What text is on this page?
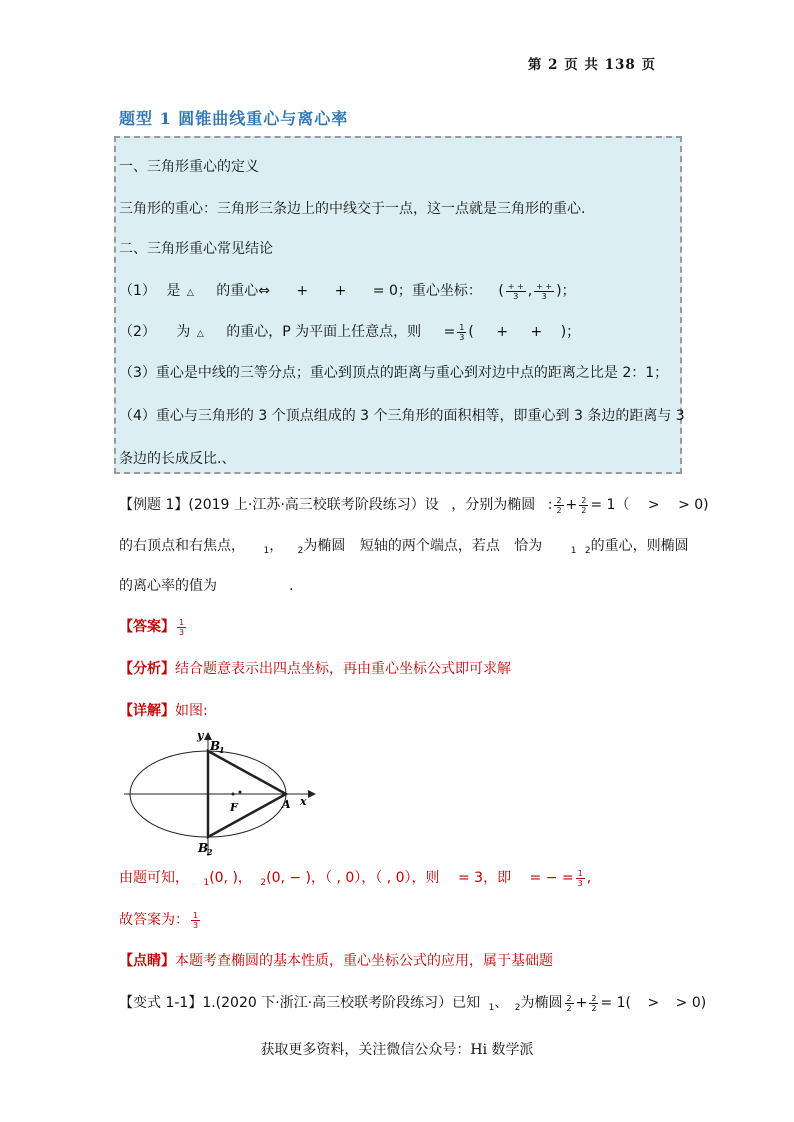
第 2 页 共 138 页
题型 1 圆锥曲线重心与离心率
一、三角形重心的定义
三角形的重心：三角形三条边上的中线交于一点，这一点就是三角形的重心.
二、三角形重心常见结论
（1） 是 △ 的重心⇔ + + = 0；重心坐标： ( $\frac{+ +}{3}$ , $\frac{+ +}{3}$ )；
（2） 为 △ 的重心，P 为平面上任意点，则 = $\frac{1}{3}$ ( + + )；
（3）重心是中线的三等分点；重心到顶点的距离与重心到对边中点的距离之比是 2：1；
（4）重心与三角形的 3 个顶点组成的 3 个三角形的面积相等，即重心到 3 条边的距离与 3
条边的长成反比.、
【例题 1】(2019 上·江苏·高三校联考阶段练习）设 ，分别为椭圆 : $\frac{2}{2} + \frac{2}{2} = 1$（ > > 0)
的右顶点和右焦点， $_1$， $_2$为椭圆 短轴的两个端点，若点 恰为	$_1$ $_2$的重心，则椭圆
的离心率的值为	.
【答案】 $\frac{1}{3}$
【分析】结合题意表示出四点坐标，再由重心坐标公式即可求解
【详解】如图:
y
x
B
1
B
2
F	A
由题可知， $_1$(0, )， $_2$(0, − )，（ , 0），（ , 0），则 = 3，即 = − = $\frac{1}{3}$ ,
故答案为： $\frac{1}{3}$
【点睛】本题考查椭圆的基本性质，重心坐标公式的应用，属于基础题
【变式 1-1】1.(2020 下·浙江·高三校联考阶段练习）已知 $_1$、 $_2$为椭圆 $\frac{2}{2} + \frac{2}{2} = 1$( > > 0)
获取更多资料，关注微信公众号：Hi 数学派
